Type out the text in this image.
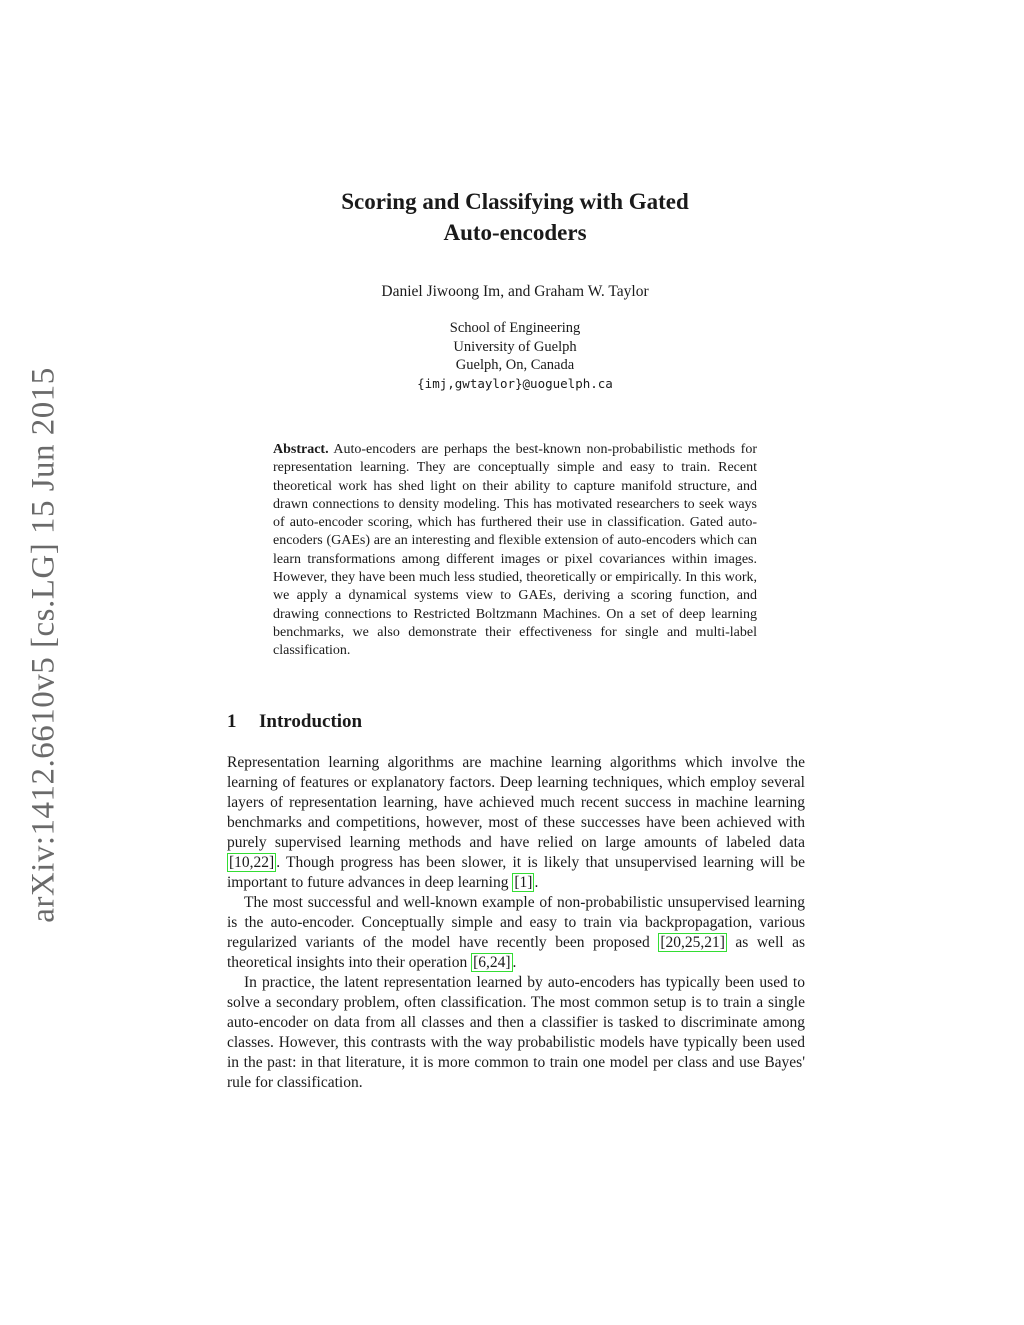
arXiv:1412.6610v5 [cs.LG] 15 Jun 2015
Scoring and Classifying with Gated
Auto-encoders
Daniel Jiwoong Im, and Graham W. Taylor
School of Engineering
University of Guelph
Guelph, On, Canada
{imj,gwtaylor}@uoguelph.ca
Abstract. Auto-encoders are perhaps the best-known non-probabilistic methods for representation learning. They are conceptually simple and easy to train. Recent theoretical work has shed light on their ability to capture manifold structure, and drawn connections to density modeling. This has motivated researchers to seek ways of auto-encoder scoring, which has furthered their use in classification. Gated auto-encoders (GAEs) are an interesting and flexible extension of auto-encoders which can learn transformations among different images or pixel covariances within images. However, they have been much less studied, theoretically or empirically. In this work, we apply a dynamical systems view to GAEs, deriving a scoring function, and drawing connections to Restricted Boltzmann Machines. On a set of deep learning benchmarks, we also demonstrate their effectiveness for single and multi-label classification.
1 Introduction

Representation learning algorithms are machine learning algorithms which involve the learning of features or explanatory factors. Deep learning techniques, which employ several layers of representation learning, have achieved much recent success in machine learning benchmarks and competitions, however, most of these successes have been achieved with purely supervised learning methods and have relied on large amounts of labeled data [10,22] . Though progress has been slower, it is likely that unsupervised learning will be important to future advances in deep learning [1] .

The most successful and well-known example of non-probabilistic unsupervised learning is the auto-encoder. Conceptually simple and easy to train via backpropagation, various regularized variants of the model have recently been proposed [20,25,21] as well as theoretical insights into their operation [6,24] .

In practice, the latent representation learned by auto-encoders has typically been used to solve a secondary problem, often classification. The most common setup is to train a single auto-encoder on data from all classes and then a classifier is tasked to discriminate among classes. However, this contrasts with the way probabilistic models have typically been used in the past: in that literature, it is more common to train one model per class and use Bayes' rule for classification.
